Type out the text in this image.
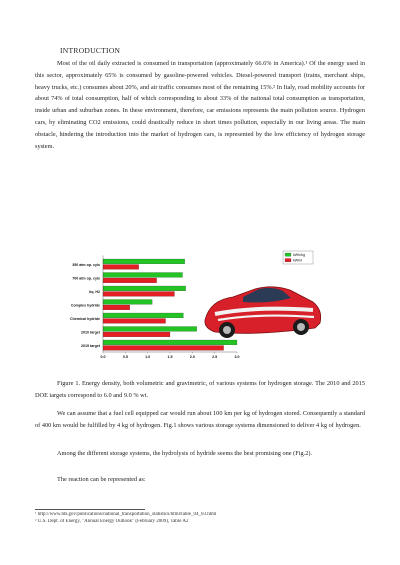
INTRODUCTION

Most of the oil daily extracted is consumed in transportation (approximately 66.6% in America).¹ Of the energy used in this sector, approximately 65% is consumed by gasoline-powered vehicles. Diesel-powered transport (trains, merchant ships, heavy trucks, etc.) consumes about 20%, and air traffic consumes most of the remaining 15%.² In Italy, road mobility accounts for about 74% of total consumption, half of which corresponding to about 33% of the national total consumption as transportation, inside urban and suburban zones. In these environment, therefore, car emissions represents the main pollution source. Hydrogen cars, by eliminating CO2 emissions, could drastically reduce in short times pollution, especially in our living areas. The main obstacle, hindering the introduction into the market of hydrogen cars, is represented by the low efficiency of hydrogen storage system.

2015 target
2010 target
Chemical hydride
Complex hydride
liq. H2
700 atm op. cyls
350 atm op. cyls
0.0	0.5	1.0	1.5	2.0	2.5	3.0
kWh/kg
kWh/l

Figure 1. Energy density, both volumetric and gravimetric, of various systems for hydrogen storage. The 2010 and 2015 DOE targets correspond to 6.0 and 9.0 % wt.

We can assume that a fuel cell equipped car would run about 100 km per kg of hydrogen stored. Consequently a standard of 400 km would be fulfilled by 4 kg of hydrogen. Fig.1 shows various storage systems dimensioned to deliver 4 kg of hydrogen.

Among the different storage systems, the hydrolysis of hydride seems the best promising one (Fig.2).

The reaction can be represented as:

¹ http://www.bts.gov/publications/national_transportation_statistics/html/table_04_03.html
² U.S. Dept. of Energy, "Annual Energy Outlook" (February 2009), Table A2
